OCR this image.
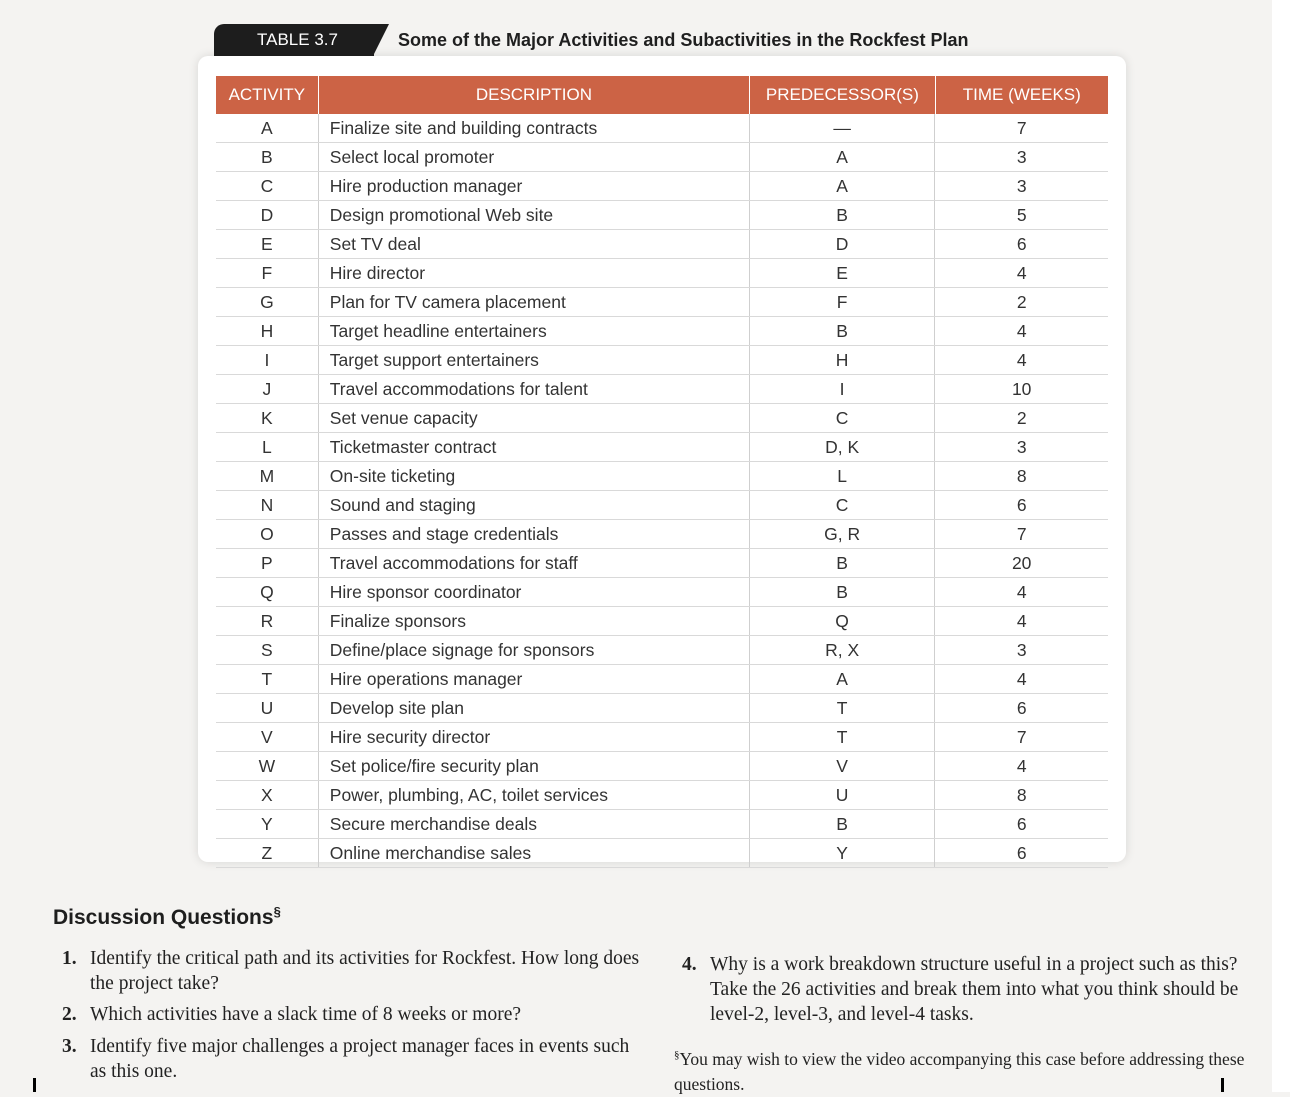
TABLE 3.7	Some of the Major Activities and Subactivities in the Rockfest Plan
ACTIVITY	DESCRIPTION	PREDECESSOR(S)	TIME (WEEKS)
A	Finalize site and building contracts	—	7
B	Select local promoter	A	3
C	Hire production manager	A	3
D	Design promotional Web site	B	5
E	Set TV deal	D	6
F	Hire director	E	4
G	Plan for TV camera placement	F	2
H	Target headline entertainers	B	4
I	Target support entertainers	H	4
J	Travel accommodations for talent	I	10
K	Set venue capacity	C	2
L	Ticketmaster contract	D, K	3
M	On-site ticketing	L	8
N	Sound and staging	C	6
O	Passes and stage credentials	G, R	7
P	Travel accommodations for staff	B	20
Q	Hire sponsor coordinator	B	4
R	Finalize sponsors	Q	4
S	Define/place signage for sponsors	R, X	3
T	Hire operations manager	A	4
U	Develop site plan	T	6
V	Hire security director	T	7
W	Set police/fire security plan	V	4
X	Power, plumbing, AC, toilet services	U	8
Y	Secure merchandise deals	B	6
Z	Online merchandise sales	Y	6
Discussion Questions§
1. Identify the critical path and its activities for Rockfest. How long does the project take?
2. Which activities have a slack time of 8 weeks or more?
3. Identify five major challenges a project manager faces in events such as this one.
4. Why is a work breakdown structure useful in a project such as this? Take the 26 activities and break them into what you think should be level-2, level-3, and level-4 tasks.
§You may wish to view the video accompanying this case before addressing these questions.
